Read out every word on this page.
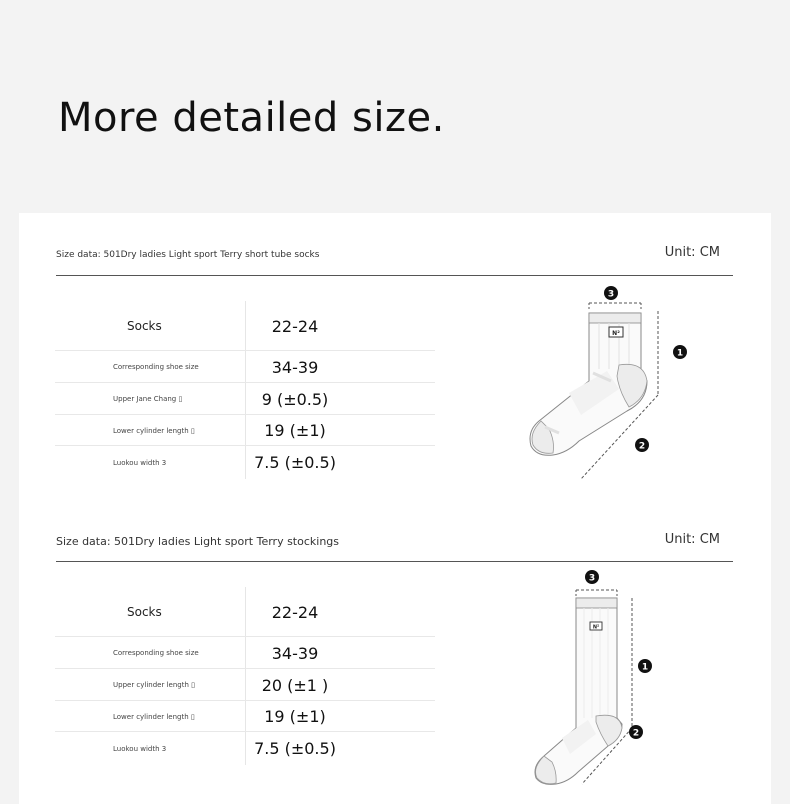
More detailed size.
Size data: 501Dry ladies Light sport Terry short tube socks	Unit: CM
Socks	22-24
Corresponding shoe size	34-39
Upper Jane Chang ▯	9 (±0.5)
Lower cylinder length ▯	19 (±1)
Luokou width 3	7.5 (±0.5)
N²
3
1
2
Size data: 501Dry ladies Light sport Terry stockings	Unit: CM
Socks	22-24
Corresponding shoe size	34-39
Upper cylinder length ▯	20 (±1 )
Lower cylinder length ▯	19 (±1)
Luokou width 3	7.5 (±0.5)
N²
3
1
2
